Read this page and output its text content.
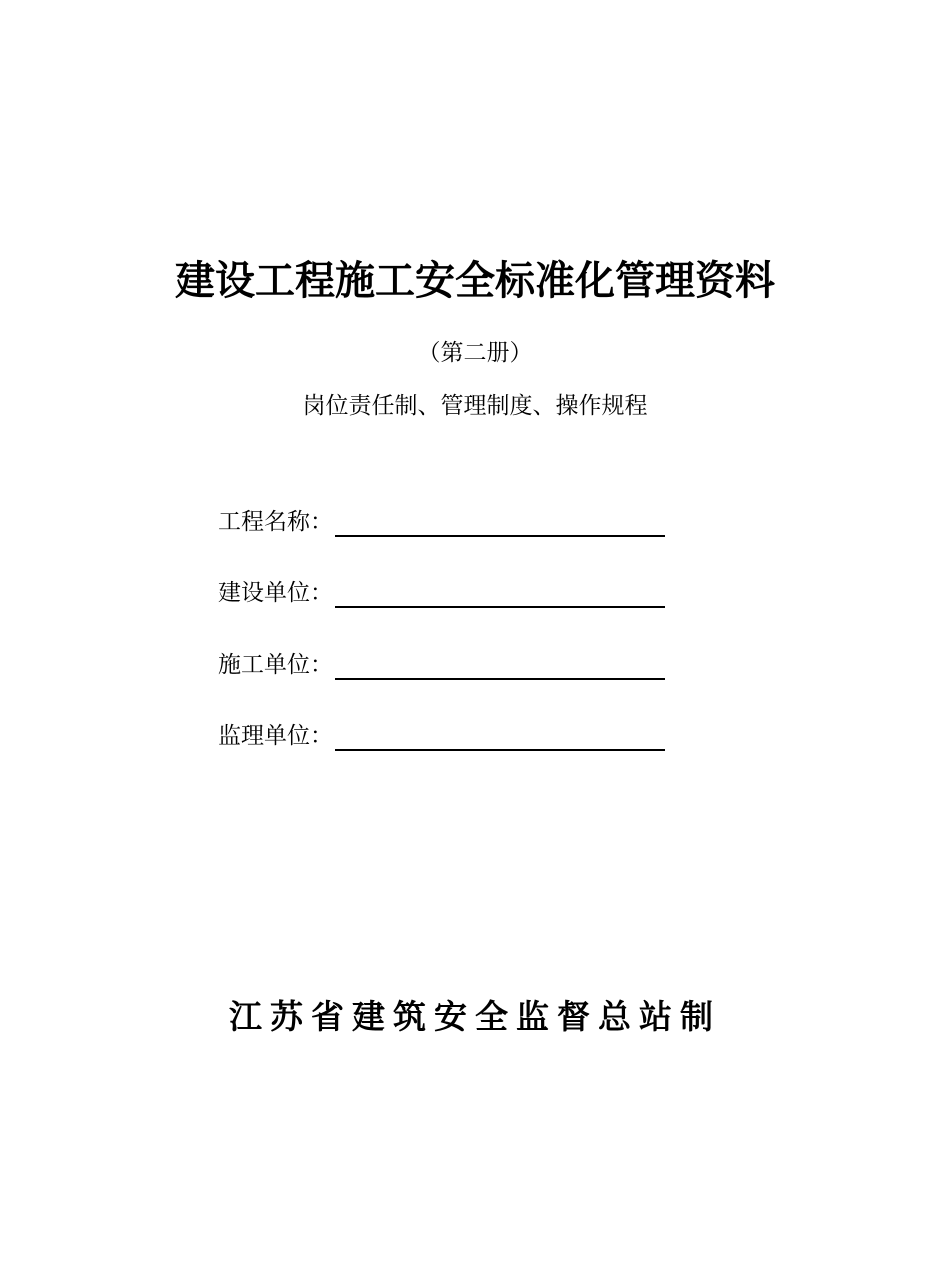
建设工程施工安全标准化管理资料
（第二册）
岗位责任制、管理制度、操作规程
工程名称：
建设单位：
施工单位：
监理单位：
江苏省建筑安全监督总站制
